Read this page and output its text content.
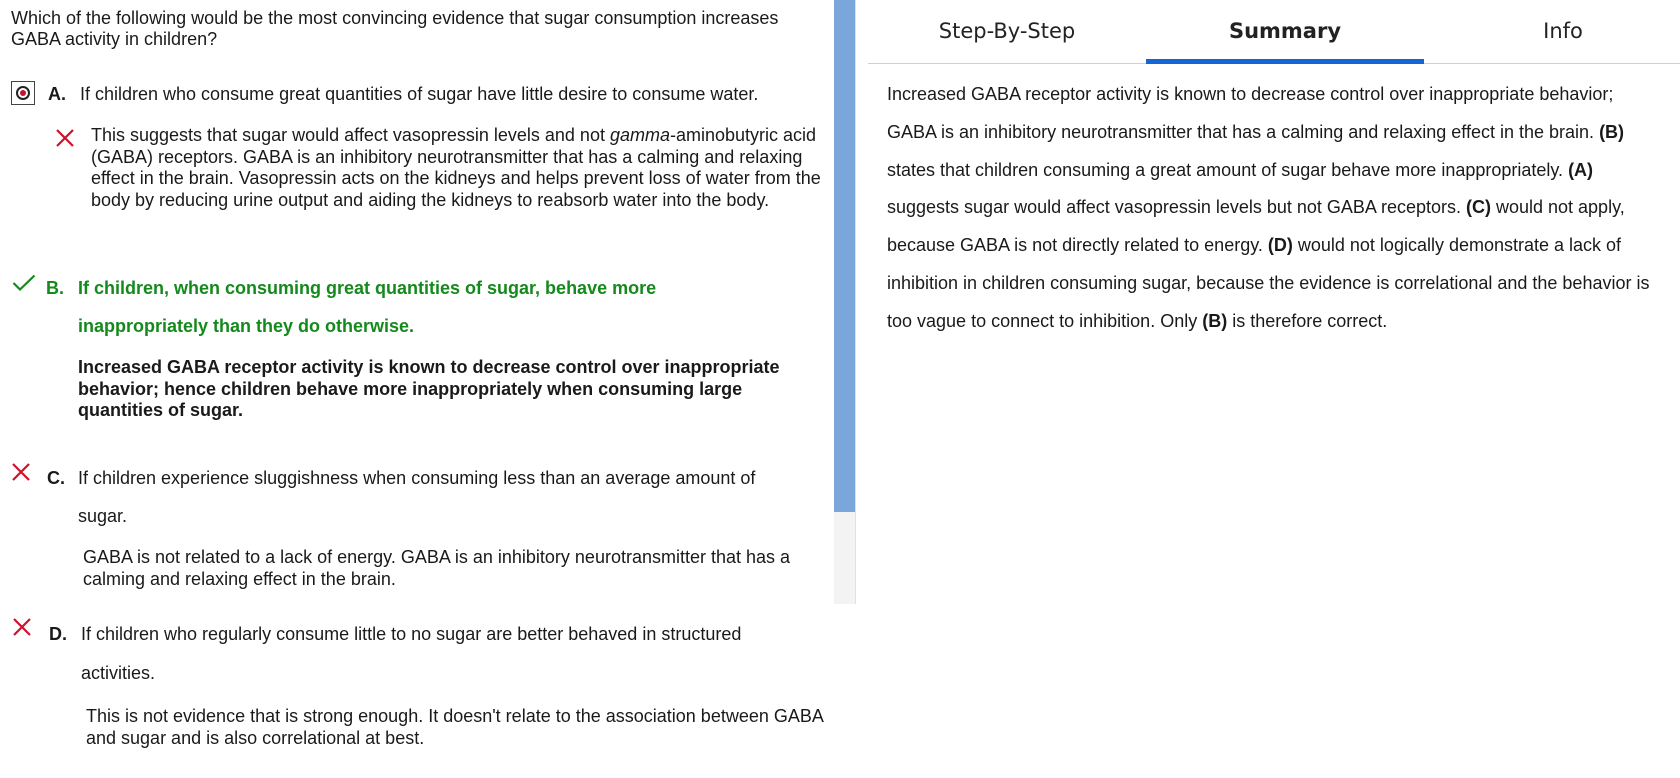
Which of the following would be the most convincing evidence that sugar consumption increases GABA activity in children?
A. If children who consume great quantities of sugar have little desire to consume water.
This suggests that sugar would affect vasopressin levels and not gamma-aminobutyric acid (GABA) receptors. GABA is an inhibitory neurotransmitter that has a calming and relaxing effect in the brain. Vasopressin acts on the kidneys and helps prevent loss of water from the body by reducing urine output and aiding the kidneys to reabsorb water into the body.
B. If children, when consuming great quantities of sugar, behave more
inappropriately than they do otherwise.
Increased GABA receptor activity is known to decrease control over inappropriate behavior; hence children behave more inappropriately when consuming large quantities of sugar.
C. If children experience sluggishness when consuming less than an average amount of
sugar.
GABA is not related to a lack of energy. GABA is an inhibitory neurotransmitter that has a calming and relaxing effect in the brain.
D. If children who regularly consume little to no sugar are better behaved in structured
activities.
This is not evidence that is strong enough. It doesn't relate to the association between GABA and sugar and is also correlational at best.
Step-By-Step	Summary	Info
Increased GABA receptor activity is known to decrease control over inappropriate behavior; GABA is an inhibitory neurotransmitter that has a calming and relaxing effect in the brain. (B) states that children consuming a great amount of sugar behave more inappropriately. (A) suggests sugar would affect vasopressin levels but not GABA receptors. (C) would not apply, because GABA is not directly related to energy. (D) would not logically demonstrate a lack of inhibition in children consuming sugar, because the evidence is correlational and the behavior is too vague to connect to inhibition. Only (B) is therefore correct.
